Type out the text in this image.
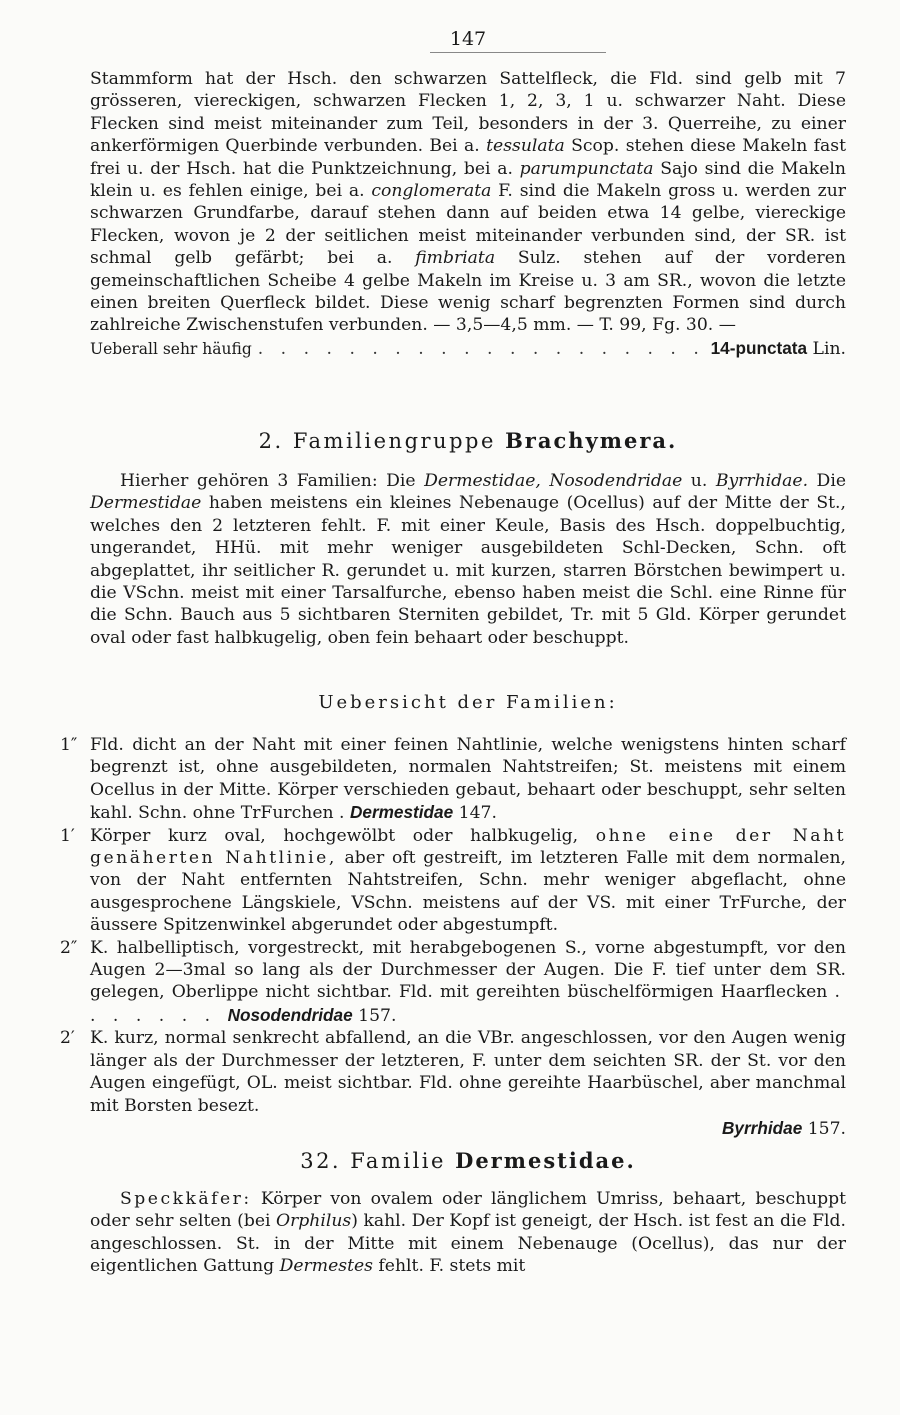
147

Stammform hat der Hsch. den schwarzen Sattelfleck, die Fld. sind gelb mit 7 grösseren, viereckigen, schwarzen Flecken 1, 2, 3, 1 u. schwarzer Naht. Diese Flecken sind meist miteinander zum Teil, besonders in der 3. Querreihe, zu einer ankerförmigen Querbinde verbunden. Bei a. tessulata Scop. stehen diese Makeln fast frei u. der Hsch. hat die Punktzeichnung, bei a. parumpunctata Sajo sind die Makeln klein u. es fehlen einige, bei a. conglomerata F. sind die Makeln gross u. werden zur schwarzen Grundfarbe, darauf stehen dann auf beiden etwa 14 gelbe, viereckige Flecken, wovon je 2 der seitlichen meist miteinander verbunden sind, der SR. ist schmal gelb gefärbt; bei a. fimbriata Sulz. stehen auf der vorderen gemeinschaftlichen Scheibe 4 gelbe Makeln im Kreise u. 3 am SR., wovon die letzte einen breiten Querfleck bildet. Diese wenig scharf begrenzten Formen sind durch zahlreiche Zwischenstufen verbunden. — 3,5—4,5 mm. — T. 99, Fg. 30. —

Ueberall sehr häufig
. . .	14-punctata Lin.
2. Familiengruppe Brachymera.

Hierher gehören 3 Familien: Die Dermestidae, Nosodendridae u. Byrrhidae. Die Dermestidae haben meistens ein kleines Nebenauge (Ocellus) auf der Mitte der St., welches den 2 letzteren fehlt. F. mit einer Keule, Basis des Hsch. doppelbuchtig, ungerandet, HHü. mit mehr weniger ausgebildeten Schl-Decken, Schn. oft abgeplattet, ihr seitlicher R. gerundet u. mit kurzen, starren Börstchen bewimpert u. die VSchn. meist mit einer Tarsalfurche, ebenso haben meist die Schl. eine Rinne für die Schn. Bauch aus 5 sichtbaren Sterniten gebildet, Tr. mit 5 Gld. Körper gerundet oval oder fast halbkugelig, oben fein behaart oder beschuppt.

Uebersicht der Familien:
1″ Fld. dicht an der Naht mit einer feinen Nahtlinie, welche wenigstens hinten scharf begrenzt ist, ohne ausgebildeten, normalen Nahtstreifen; St. meistens mit einem Ocellus in der Mitte. Körper verschieden gebaut, behaart oder beschuppt, sehr selten kahl. Schn. ohne TrFurchen . Dermestidae 147.
1′ Körper kurz oval, hochgewölbt oder halbkugelig, ohne eine der Naht genäherten Nahtlinie, aber oft gestreift, im letzteren Falle mit dem normalen, von der Naht entfernten Nahtstreifen, Schn. mehr weniger abgeflacht, ohne ausgesprochene Längskiele, VSchn. meistens auf der VS. mit einer TrFurche, der äussere Spitzenwinkel abgerundet oder abgestumpft.
2″ K. halbelliptisch, vorgestreckt, mit herabgebogenen S., vorne abgestumpft, vor den Augen 2—3mal so lang als der Durchmesser der Augen. Die F. tief unter dem SR. gelegen, Oberlippe nicht sichtbar. Fld. mit gereihten büschelförmigen Haarflecken . . . . . . . Nosodendridae 157.
2′ K. kurz, normal senkrecht abfallend, an die VBr. angeschlossen, vor den Augen wenig länger als der Durchmesser der letzteren, F. unter dem seichten SR. der St. vor den Augen eingefügt, OL. meist sichtbar. Fld. ohne gereihte Haarbüschel, aber manchmal mit Borsten besezt.
Byrrhidae 157.
32. Familie Dermestidae.

Speckkäfer: Körper von ovalem oder länglichem Umriss, behaart, beschuppt oder sehr selten (bei Orphilus) kahl. Der Kopf ist geneigt, der Hsch. ist fest an die Fld. angeschlossen. St. in der Mitte mit einem Nebenauge (Ocellus), das nur der eigentlichen Gattung Dermestes fehlt. F. stets mit
